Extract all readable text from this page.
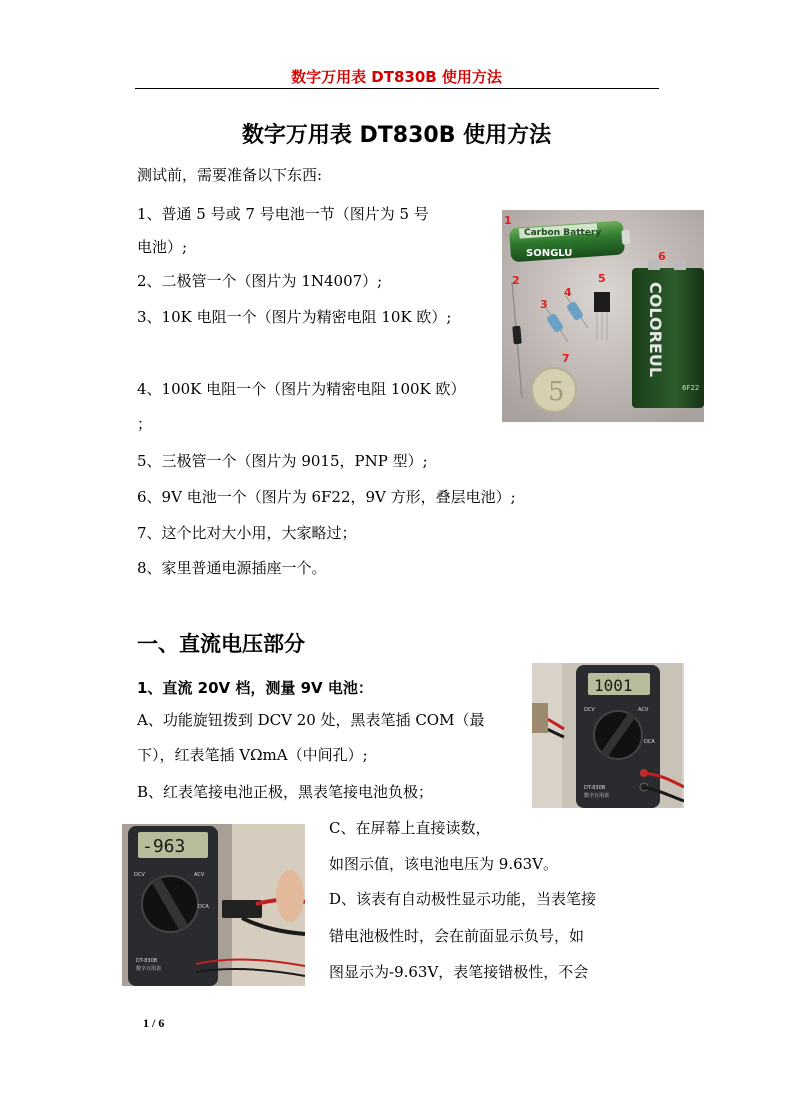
数字万用表 DT830B 使用方法
数字万用表 DT830B 使用方法
测试前，需要准备以下东西:
1、普通 5 号或 7 号电池一节（图片为 5 号
电池）;
2、二极管一个（图片为 1N4007）;
3、10K 电阻一个（图片为精密电阻 10K 欧）;
4、100K 电阻一个（图片为精密电阻 100K 欧）
；
5、三极管一个（图片为 9015，PNP 型）;
6、9V 电池一个（图片为 6F22，9V 方形，叠层电池）;
7、这个比对大小用，大家略过；
8、家里普通电源插座一个。
Carbon Battery
SONGLU
COLOREUL
6F22
5
1
2
3
4
5
6
7
一、直流电压部分
1、直流 20V 档，测量 9V 电池：
A、功能旋钮拨到 DCV 20 处，黑表笔插 COM（最
下），红表笔插 VΩmA（中间孔）;
B、红表笔接电池正极，黑表笔接电池负极；
C、在屏幕上直接读数，
如图示值，该电池电压为 9.63V。
D、该表有自动极性显示功能，当表笔接
错电池极性时，会在前面显示负号，如
图显示为-9.63V，表笔接错极性，不会
1001
DCV	ACV
DCA
DT-830B
数字万用表
-963
DCV	ACV
DCA
DT-830B
数字万用表
1 / 6
